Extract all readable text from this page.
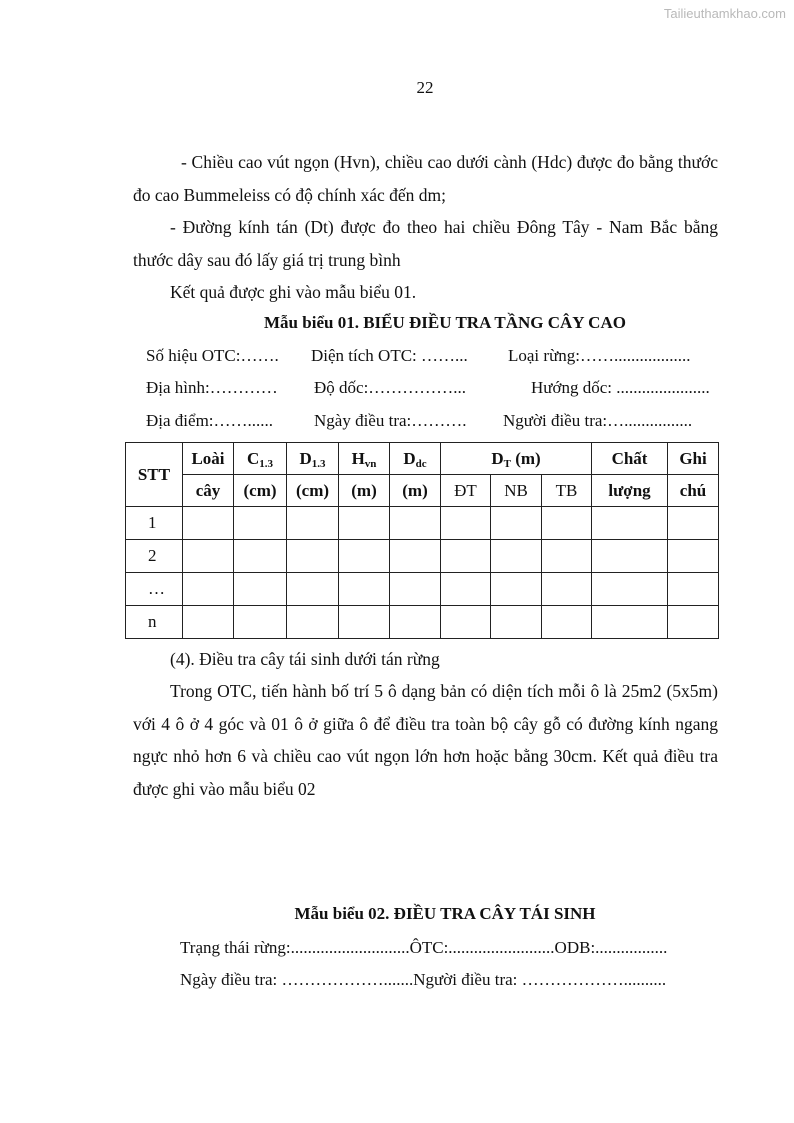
Tailieuthamkhao.com
22

- Chiều cao vút ngọn (Hvn), chiều cao dưới cành (Hdc) được đo bằng thước đo cao Bummeleiss có độ chính xác đến dm;

- Đường kính tán (Dt) được đo theo hai chiều Đông Tây - Nam Bắc bằng thước dây sau đó lấy giá trị trung bình

Kết quả được ghi vào mẫu biểu 01.

Mẫu biểu 01. BIỂU ĐIỀU TRA TẦNG CÂY CAO

Số hiệu OTC:……. Diện tích OTC: ……... Loại rừng:……..................
Địa hình:………… Độ dốc:……………...	Hướng dốc: ......................
Địa điểm:……...... Ngày điều tra:………. Người điều tra:…................
STT	Loài	$C_{1.3}$	$D_{1.3}$	$H_{vn}$	$D_{dc}$	$D_T$ (m)			Chất	Ghi
	cây	(cm)	(cm)	(m)	(m)	ĐT	NB	TB	lượng	chú
1										
2										
…										
n										

(4). Điều tra cây tái sinh dưới tán rừng

Trong OTC, tiến hành bố trí 5 ô dạng bản có diện tích mỗi ô là 25m2 (5x5m) với 4 ô ở 4 góc và 01 ô ở giữa ô để điều tra toàn bộ cây gỗ có đường kính ngang ngực nhỏ hơn 6 và chiều cao vút ngọn lớn hơn hoặc bằng 30cm. Kết quả điều tra được ghi vào mẫu biểu 02

Mẫu biểu 02. ĐIỀU TRA CÂY TÁI SINH

Trạng thái rừng:............................ÔTC:.........................ODB:.................
Ngày điều tra: ……………….......Người điều tra: ………………..........
